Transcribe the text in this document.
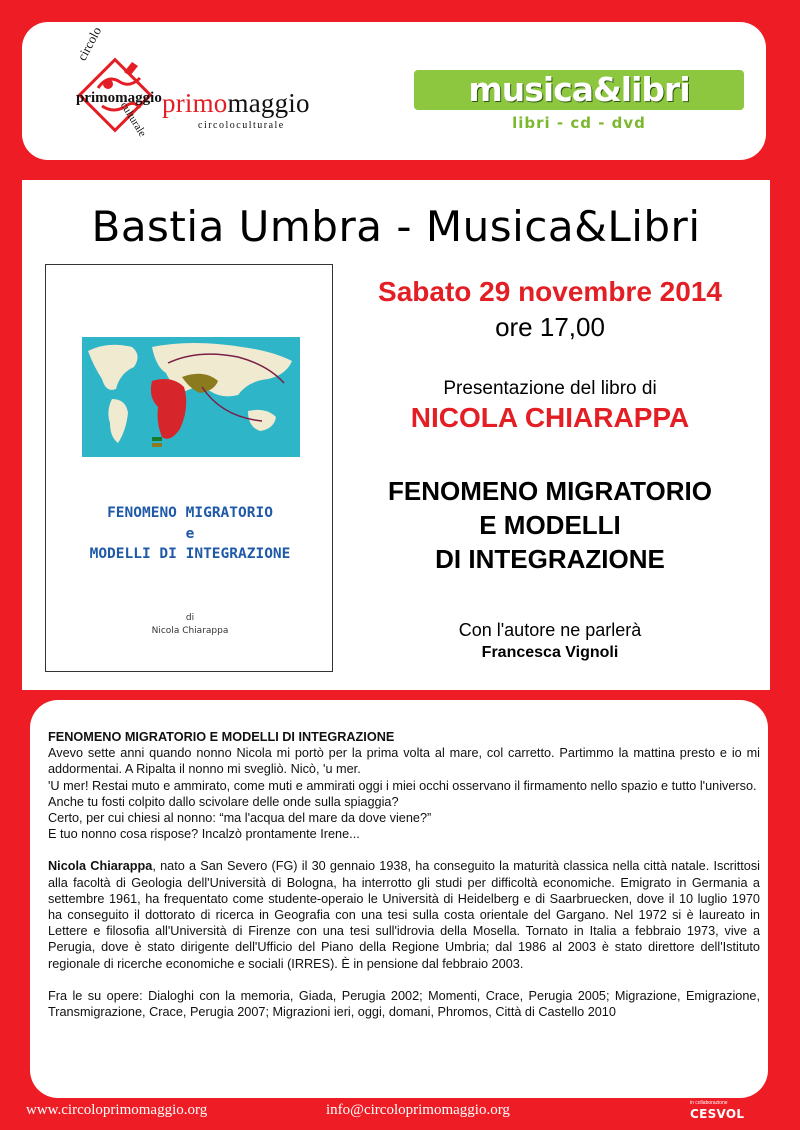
circolo
primomaggio
culturale primomaggio
circoloculturale
musica&libri
libri - cd - dvd
Bastia Umbra - Musica&Libri
FENOMENO MIGRATORIO
e
MODELLI DI INTEGRAZIONE
di
Nicola Chiarappa
Sabato 29 novembre 2014
ore 17,00
Presentazione del libro di
NICOLA CHIARAPPA
FENOMENO MIGRATORIO
E MODELLI
DI INTEGRAZIONE
Con l'autore ne parlerà
Francesca Vignoli

FENOMENO MIGRATORIO E MODELLI DI INTEGRAZIONE

Avevo sette anni quando nonno Nicola mi portò per la prima volta al mare, col carretto. Partimmo la mattina presto e io mi addormentai. A Ripalta il nonno mi svegliò. Nicò, 'u mer.

'U mer! Restai muto e ammirato, come muti e ammirati oggi i miei occhi osservano il firmamento nello spazio e tutto l'universo.

Anche tu fosti colpito dallo scivolare delle onde sulla spiaggia?

Certo, per cui chiesi al nonno: “ma l'acqua del mare da dove viene?”

E tuo nonno cosa rispose? Incalzò prontamente Irene...

Nicola Chiarappa, nato a San Severo (FG) il 30 gennaio 1938, ha conseguito la maturità classica nella città natale. Iscrittosi alla facoltà di Geologia dell'Università di Bologna, ha interrotto gli studi per difficoltà economiche. Emigrato in Germania a settembre 1961, ha frequentato come studente-operaio le Università di Heidelberg e di Saarbruecken, dove il 10 luglio 1970 ha conseguito il dottorato di ricerca in Geografia con una tesi sulla costa orientale del Gargano. Nel 1972 si è laureato in Lettere e filosofia all'Università di Firenze con una tesi sull'idrovia della Mosella. Tornato in Italia a febbraio 1973, vive a Perugia, dove è stato dirigente dell'Ufficio del Piano della Regione Umbria; dal 1986 al 2003 è stato direttore dell'Istituto regionale di ricerche economiche e sociali (IRRES). È in pensione dal febbraio 2003.

Fra le su opere: Dialoghi con la memoria, Giada, Perugia 2002; Momenti, Crace, Perugia 2005; Migrazione, Emigrazione, Transmigrazione, Crace, Perugia 2007; Migrazioni ieri, oggi, domani, Phromos, Città di Castello 2010

www.circoloprimomaggio.org	info@circoloprimomaggio.org	in collaborazione
CESVOL
